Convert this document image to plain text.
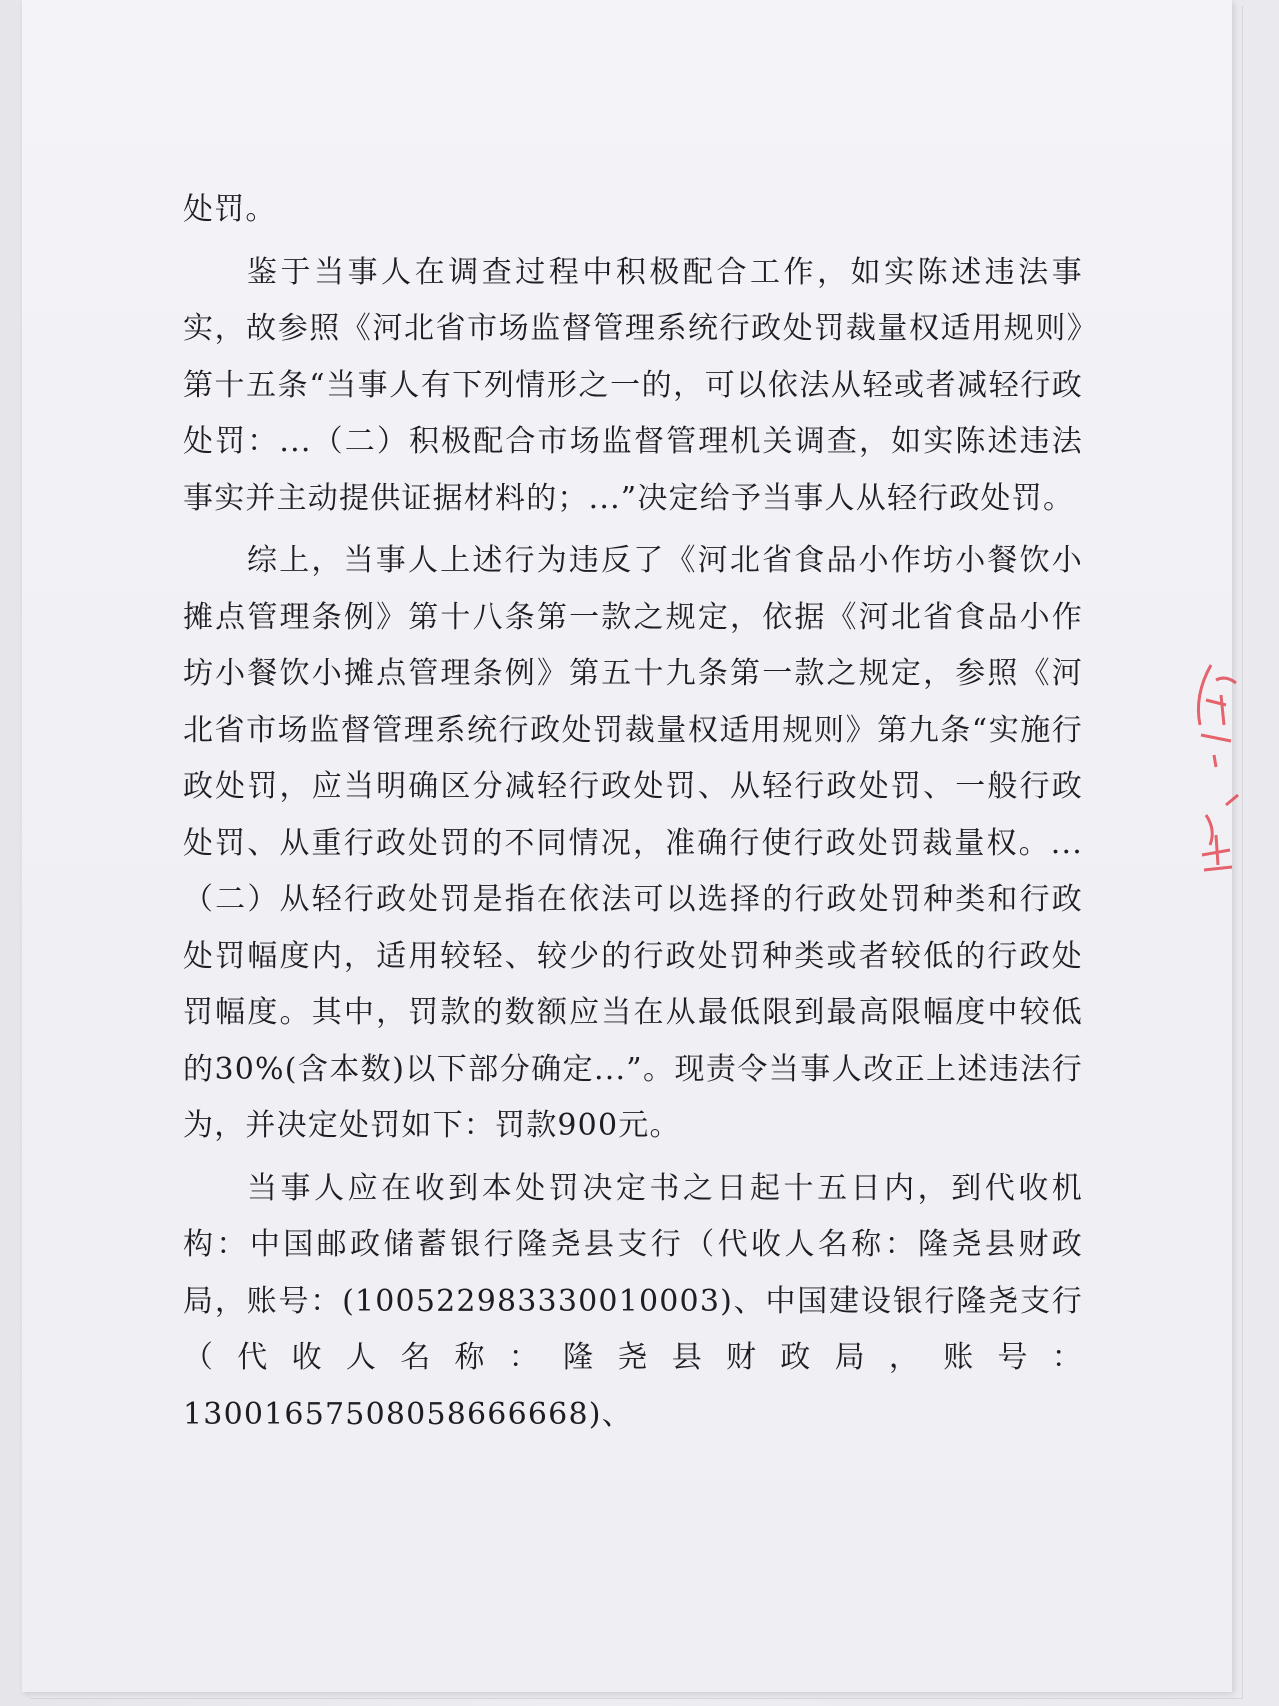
处罚。

鉴于当事人在调查过程中积极配合工作，如实陈述违法事实，故参照《河北省市场监督管理系统行政处罚裁量权适用规则》第十五条“当事人有下列情形之一的，可以依法从轻或者减轻行政处罚：...（二）积极配合市场监督管理机关调查，如实陈述违法事实并主动提供证据材料的；...”决定给予当事人从轻行政处罚。

综上，当事人上述行为违反了《河北省食品小作坊小餐饮小摊点管理条例》第十八条第一款之规定，依据《河北省食品小作坊小餐饮小摊点管理条例》第五十九条第一款之规定，参照《河北省市场监督管理系统行政处罚裁量权适用规则》第九条“实施行政处罚，应当明确区分减轻行政处罚、从轻行政处罚、一般行政处罚、从重行政处罚的不同情况，准确行使行政处罚裁量权。...（二）从轻行政处罚是指在依法可以选择的行政处罚种类和行政处罚幅度内，适用较轻、较少的行政处罚种类或者较低的行政处罚幅度。其中，罚款的数额应当在从最低限到最高限幅度中较低的30%(含本数)以下部分确定...”。现责令当事人改正上述违法行为，并决定处罚如下：罚款900元。

当事人应在收到本处罚决定书之日起十五日内，到代收机构：中国邮政储蓄银行隆尧县支行（代收人名称：隆尧县财政局，账号：(100522983330010003)、中国建设银行隆尧支行（代收人名称：隆尧县财政局，账号：13001657508058666668)、
